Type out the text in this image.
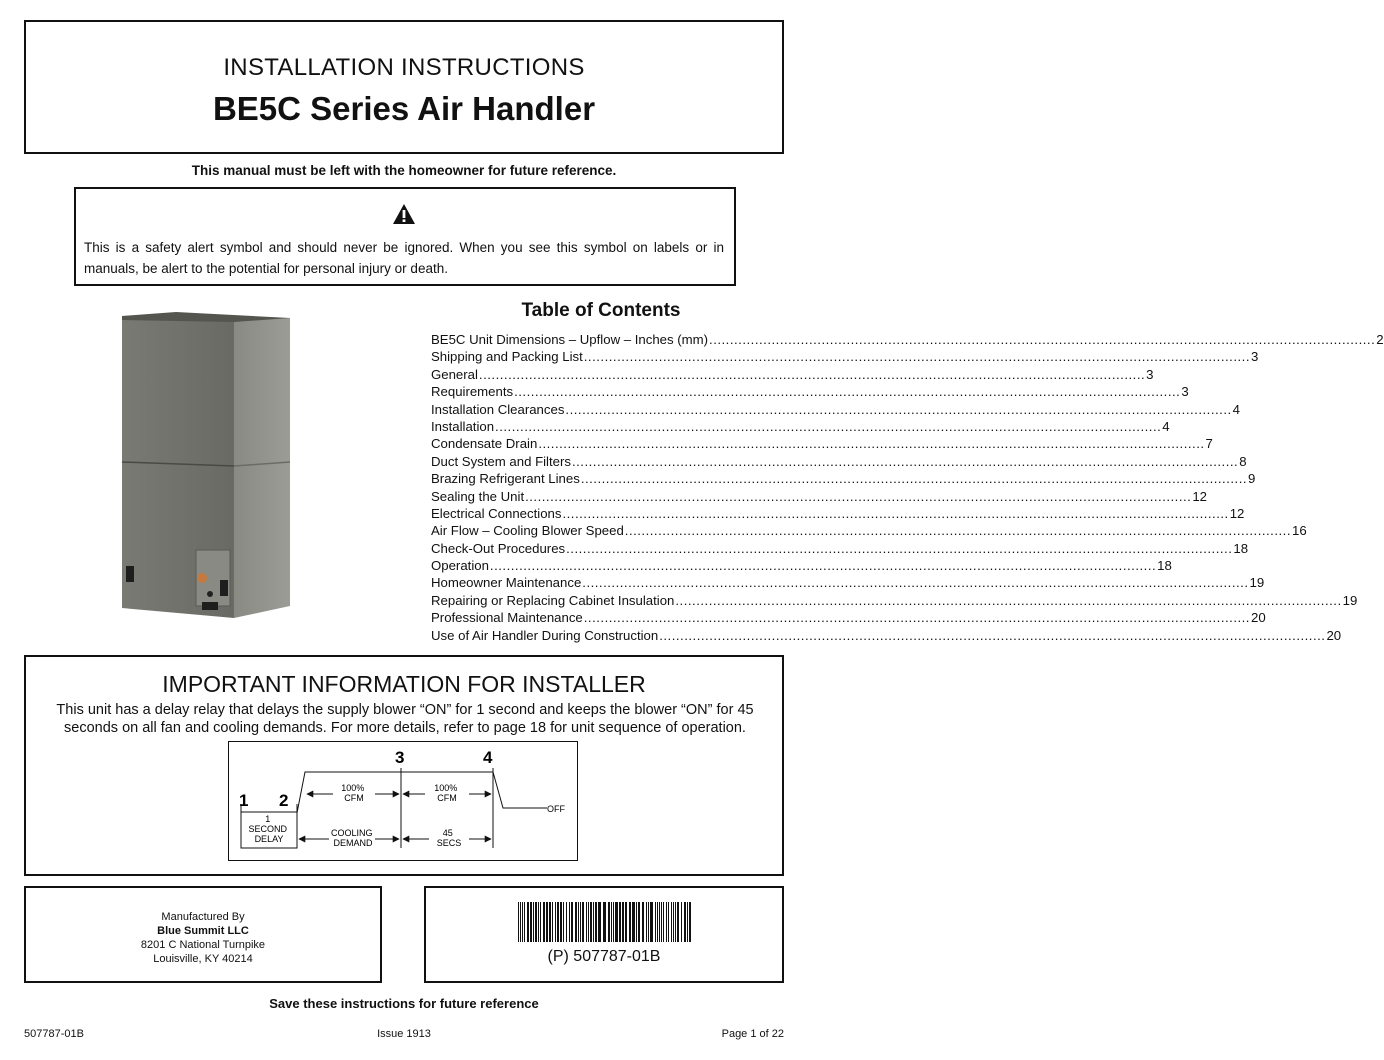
INSTALLATION INSTRUCTIONS
BE5C Series Air Handler
This manual must be left with the homeowner for future reference.
This is a safety alert symbol and should never be ignored. When you see this symbol on labels or in manuals, be alert to the potential for personal injury or death.
Table of Contents
BE5C Unit Dimensions – Upflow – Inches (mm) ................................................................................................................................................................ 2
Shipping and Packing List ................................................................................................................................................................ 3
General ................................................................................................................................................................ 3
Requirements ................................................................................................................................................................ 3
Installation Clearances ................................................................................................................................................................ 4
Installation ................................................................................................................................................................ 4
Condensate Drain ................................................................................................................................................................ 7
Duct System and Filters ................................................................................................................................................................ 8
Brazing Refrigerant Lines ................................................................................................................................................................ 9
Sealing the Unit ................................................................................................................................................................ 12
Electrical Connections ................................................................................................................................................................ 12
Air Flow – Cooling Blower Speed ................................................................................................................................................................ 16
Check-Out Procedures ................................................................................................................................................................ 18
Operation ................................................................................................................................................................ 18
Homeowner Maintenance ................................................................................................................................................................ 19
Repairing or Replacing Cabinet Insulation ................................................................................................................................................................ 19
Professional Maintenance ................................................................................................................................................................ 20
Use of Air Handler During Construction ................................................................................................................................................................ 20
IMPORTANT INFORMATION FOR INSTALLER
This unit has a delay relay that delays the supply blower “ON” for 1 second and keeps the blower “ON” for 45 seconds on all fan and cooling demands. For more details, refer to page 18 for unit sequence of operation.
1 2
3	4
100% CFM
100% CFM
OFF
1 SECOND DELAY
COOLING DEMAND
45 SECS
Manufactured By
Blue Summit LLC
8201 C National Turnpike
Louisville, KY 40214	(P) 507787-01B
Save these instructions for future reference
507787-01B	Issue 1913	Page 1 of 22
